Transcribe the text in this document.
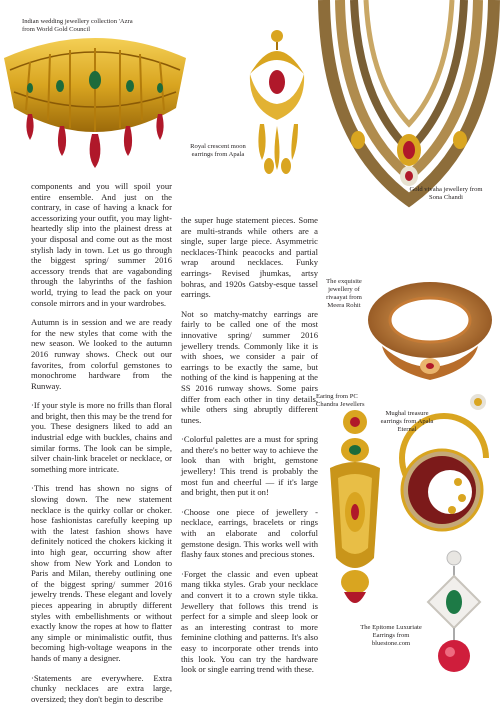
Indian wedding jewellery collection 'Azra from World Gold Council
Royal crescent moon earrings from Apala
Gold vivaha jewellery from Sona Chandi
The exquisite jewellery of rivaayat from Meera Rohit
Earing from PC Chandra Jewellers
Mughal treasure earrings from Apala Eternal
The Epitome Luxuriate Earrings from bluestone.com

components and you will spoil your entire ensemble. And just on the contrary, in case of having a knack for accessorizing your outfit, you may light-heartedly slip into the plainest dress at your disposal and come out as the most stylish lady in town. Let us go through the biggest spring/ summer 2016 accessory trends that are vagabonding through the labyrinths of the fashion world, trying to lead the pack on your console mirrors and in your wardrobes.

Autumn is in session and we are ready for the new styles that come with the new season. We looked to the autumn 2016 runway shows. Check out our favorites, from colorful gemstones to monochrome hardware from the Runway.

·If your style is more no frills than floral and bright, then this may be the trend for you. These designers liked to add an industrial edge with buckles, chains and similar forms. The look can be simple, silver chain-link bracelet or necklace, or something more intricate.

·This trend has shown no signs of slowing down. The new statement necklace is the quirky collar or choker. hose fashionistas carefully keeping up with the latest fashion shows have definitely noticed the chokers kicking it into high gear, occurring show after show from New York and London to Paris and Milan, thereby outlining one of the biggest spring/ summer 2016 jewelry trends. These elegant and lovely pieces appearing in abruptly different styles with embellishments or without exactly know the ropes at how to flatter any simple or minimalistic outfit, thus becoming high-voltage weapons in the hands of many a designer.

·Statements are everywhere. Extra chunky necklaces are extra large, oversized; they don't begin to describe

the super huge statement pieces. Some are multi-strands while others are a single, super large piece. Asymmetric necklaces-Think peacocks and partial wrap around necklaces. Funky earrings- Revised jhumkas, artsy bohras, and 1920s Gatsby-esque tassel earrings.

Not so matchy-matchy earrings are fairly to be called one of the most innovative spring/ summer 2016 jewellery trends. Commonly like it is with shoes, we consider a pair of earrings to be exactly the same, but nothing of the kind is happening at the SS 2016 runway shows. Some pairs differ from each other in tiny details, while others sing abruptly different tunes.

·Colorful palettes are a must for spring and there's no better way to achieve the look than with bright, gemstone jewellery! This trend is probably the most fun and cheerful — if it's large and bright, then put it on!

·Choose one piece of jewellery - necklace, earrings, bracelets or rings with an elaborate and colorful gemstone design. This works well with flashy faux stones and precious stones.

·Forget the classic and even upbeat mang tikka styles. Grab your necklace and convert it to a crown style tikka. Jewellery that follows this trend is perfect for a simple and sleep look or as an interesting contrast to more feminine clothing and patterns. It's also easy to incorporate other trends into this look. You can try the hardware look or single earring trend with these.
